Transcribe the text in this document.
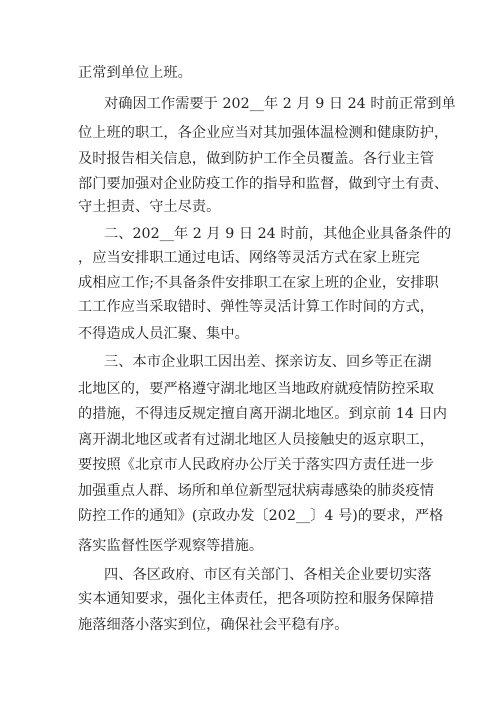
正常到单位上班。
对确因工作需要于 202__年 2 月 9 日 24 时前正常到单
位上班的职工，各企业应当对其加强体温检测和健康防护，
及时报告相关信息，做到防护工作全员覆盖。各行业主管
部门要加强对企业防疫工作的指导和监督，做到守土有责、
守土担责、守土尽责。
二、202__年 2 月 9 日 24 时前，其他企业具备条件的
，应当安排职工通过电话、网络等灵活方式在家上班完
成相应工作;不具备条件安排职工在家上班的企业，安排职
工工作应当采取错时、弹性等灵活计算工作时间的方式，
不得造成人员汇聚、集中。
三、本市企业职工因出差、探亲访友、回乡等正在湖
北地区的，要严格遵守湖北地区当地政府就疫情防控采取
的措施，不得违反规定擅自离开湖北地区。到京前 14 日内
离开湖北地区或者有过湖北地区人员接触史的返京职工，
要按照《北京市人民政府办公厅关于落实四方责任进一步
加强重点人群、场所和单位新型冠状病毒感染的肺炎疫情
防控工作的通知》(京政办发〔202__〕4 号)的要求，严格
落实监督性医学观察等措施。
四、各区政府、市区有关部门、各相关企业要切实落
实本通知要求，强化主体责任，把各项防控和服务保障措
施落细落小落实到位，确保社会平稳有序。
